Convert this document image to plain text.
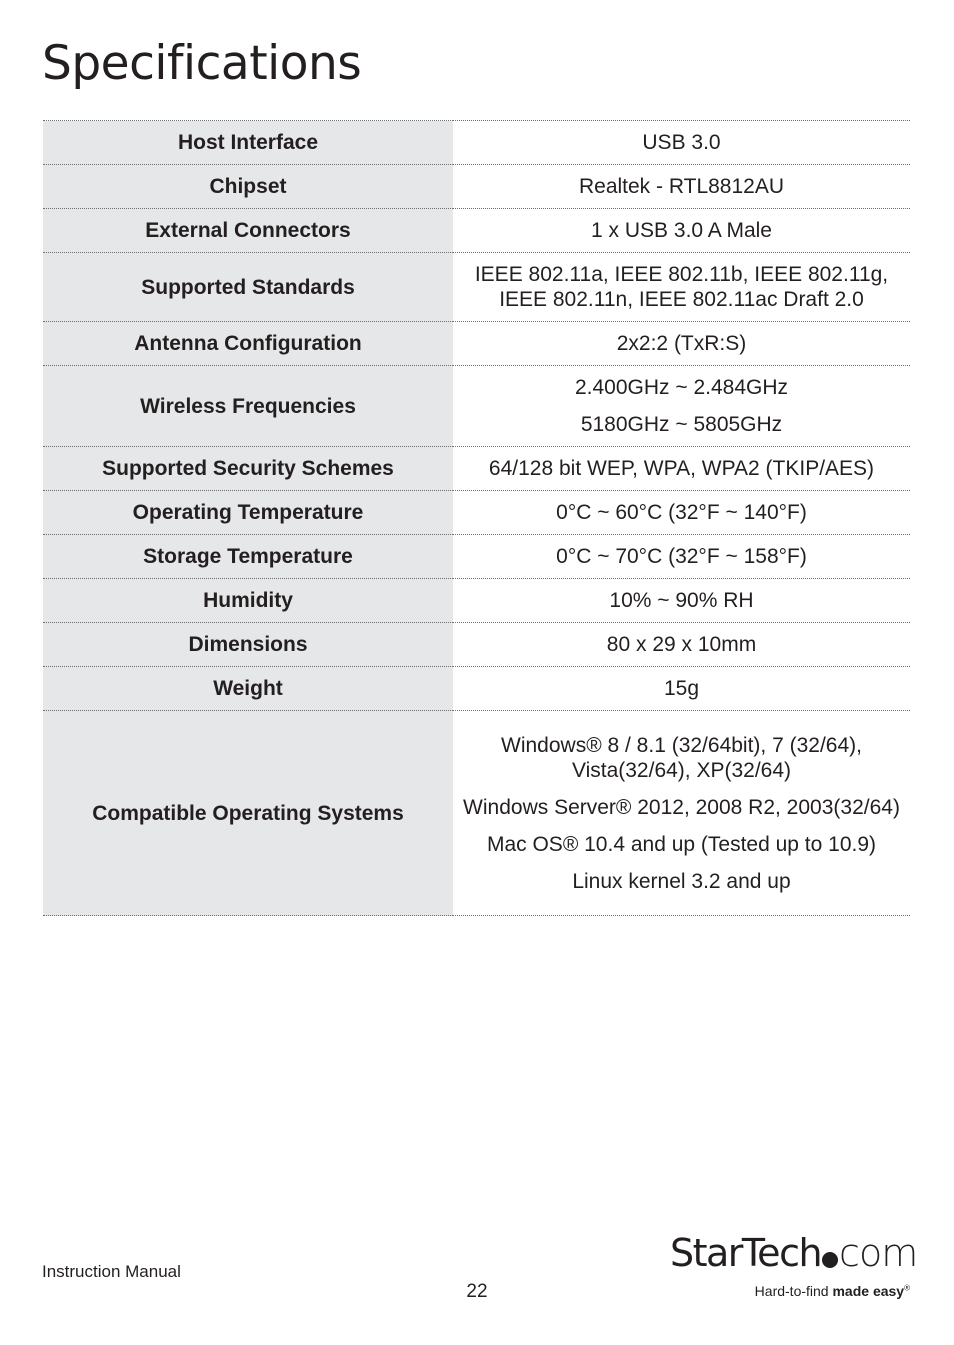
Specifications
Host Interface	USB 3.0

Chipset	Realtek - RTL8812AU

External Connectors	1 x USB 3.0 A Male

Supported Standards	IEEE 802.11a, IEEE 802.11b, IEEE 802.11g, IEEE 802.11n, IEEE 802.11ac Draft 2.0

Antenna Configuration	2x2:2 (TxR:S)

Wireless Frequencies	2.400GHz ~ 2.484GHz
5180GHz ~ 5805GHz

Supported Security Schemes	64/128 bit WEP, WPA, WPA2 (TKIP/AES)

Operating Temperature	0°C ~ 60°C (32°F ~ 140°F)

Storage Temperature	0°C ~ 70°C (32°F ~ 158°F)

Humidity	10% ~ 90% RH

Dimensions	80 x 29 x 10mm

Weight	15g

Compatible Operating Systems	Windows® 8 / 8.1 (32/64bit), 7 (32/64), Vista(32/64), XP(32/64)
Windows Server® 2012, 2008 R2, 2003(32/64)
Mac OS® 10.4 and up (Tested up to 10.9)
Linux kernel 3.2 and up
Instruction Manual
22
StarTech com
Hard-to-find made easy®
